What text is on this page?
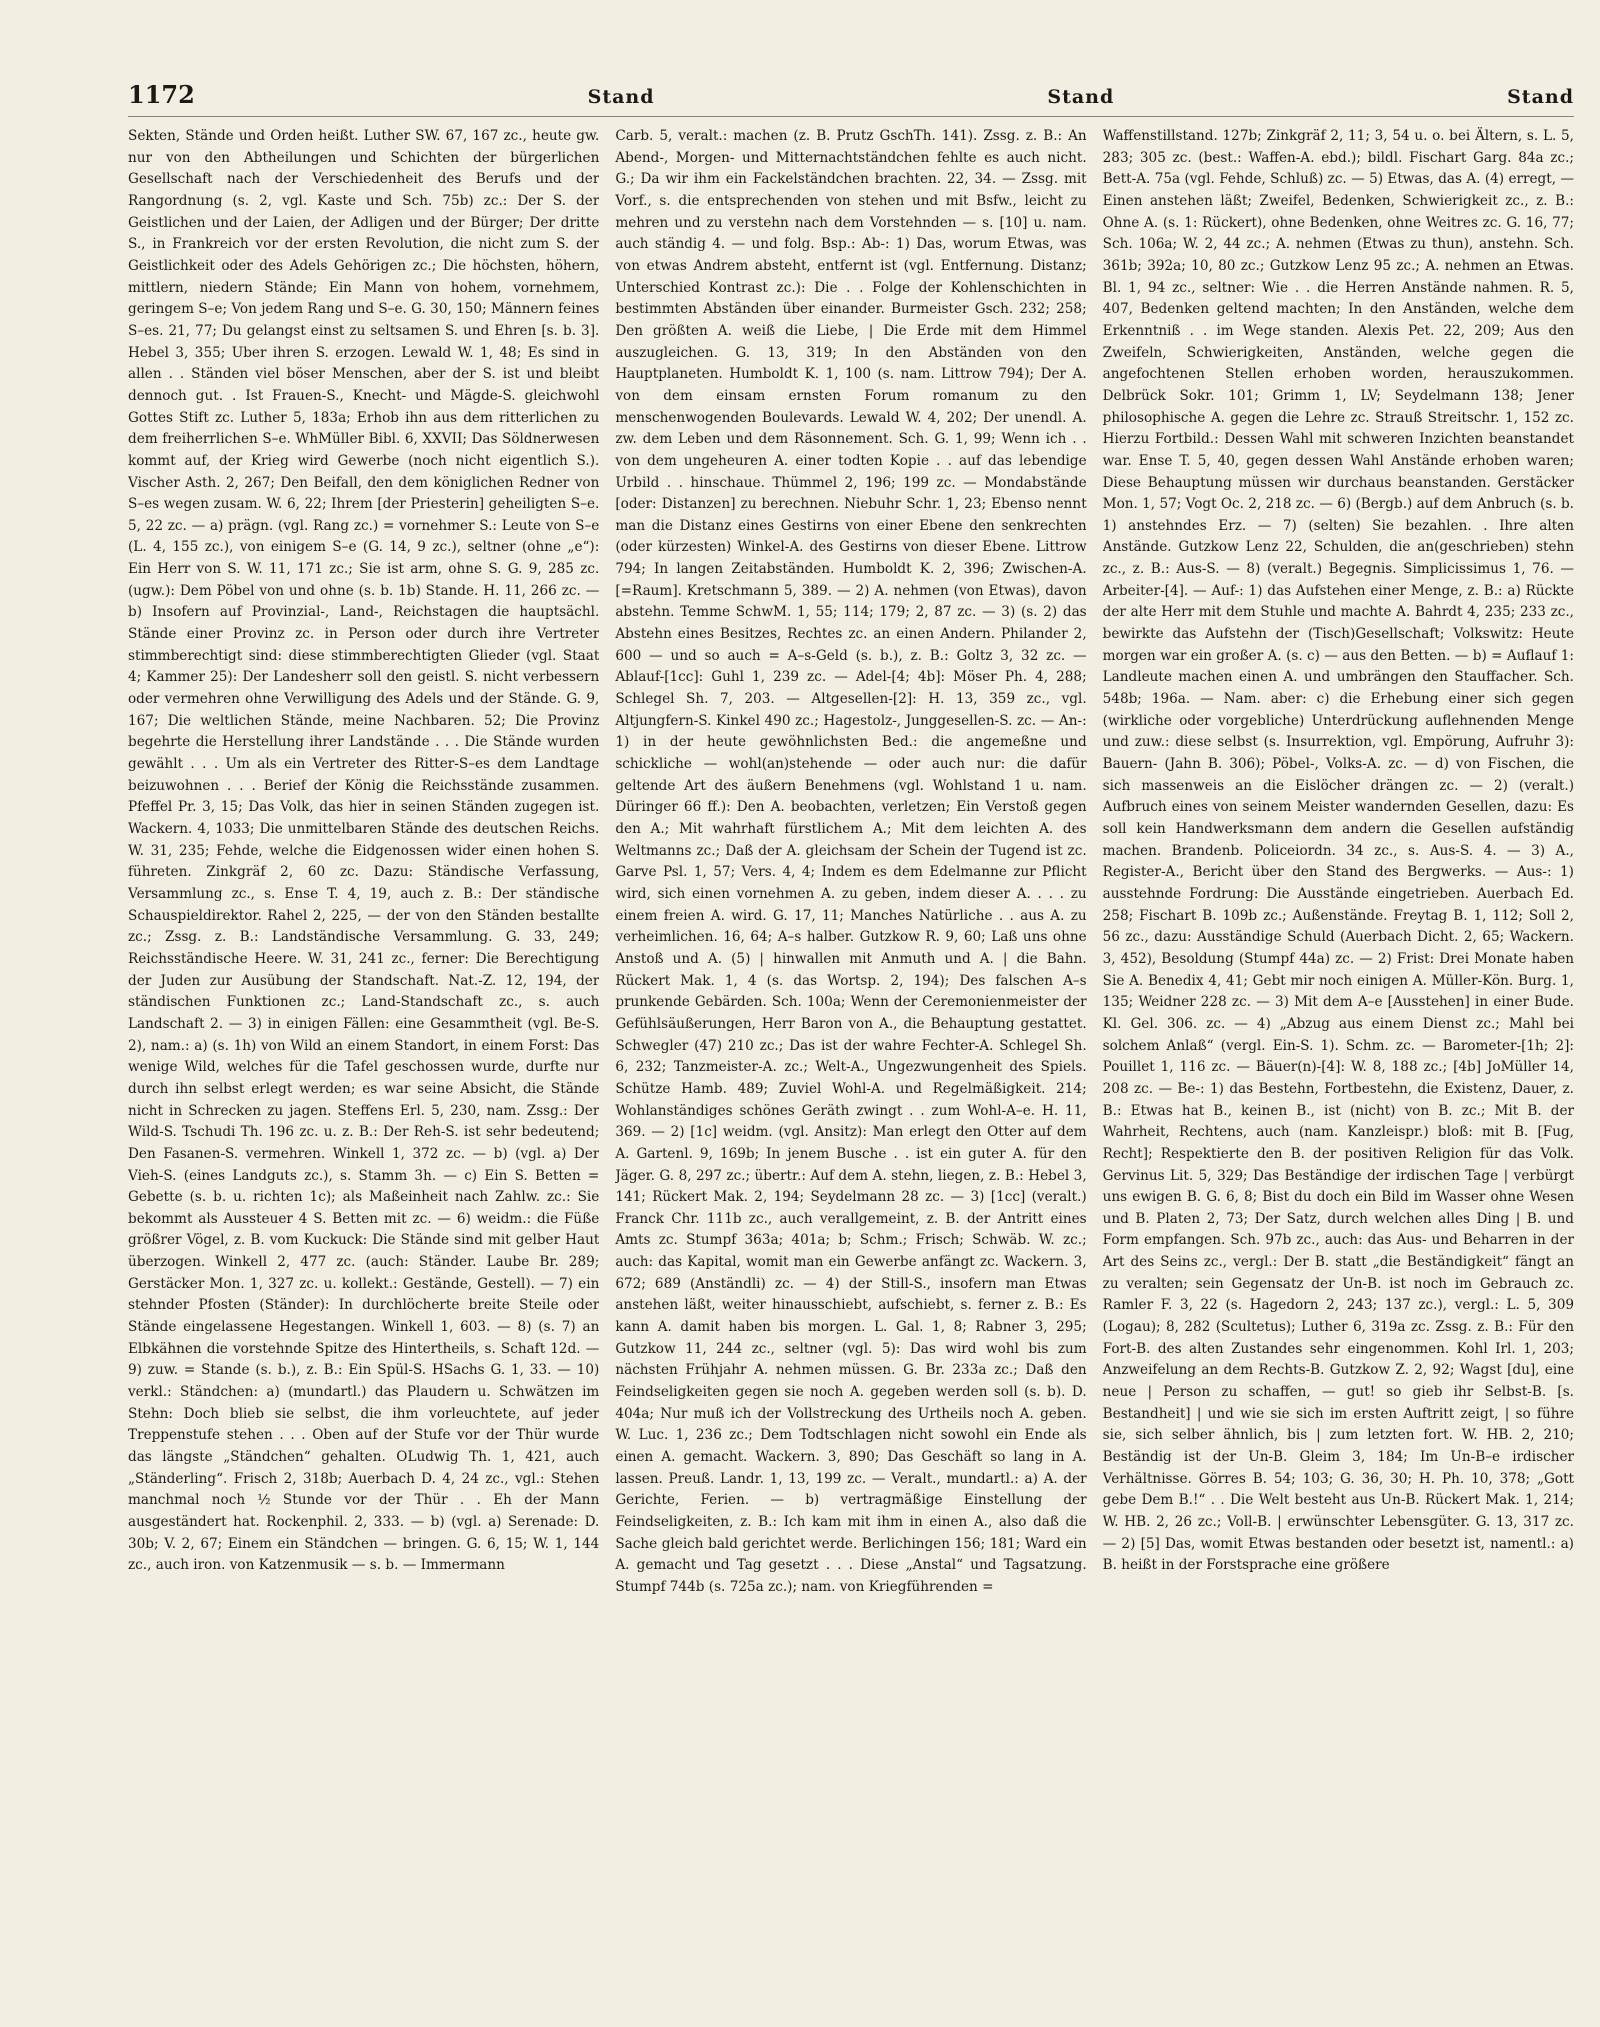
1172	Stand	Stand	Stand
Sekten, Stände und Orden heißt. Luther SW. 67, 167 zc., heute gw. nur von den Abtheilungen und Schichten der bürgerlichen Gesellschaft nach der Verschiedenheit des Berufs und der Rangordnung (s. 2, vgl. Kaste und Sch. 75b) zc.: Der S. der Geistlichen und der Laien, der Adligen und der Bürger; Der dritte S., in Frankreich vor der ersten Revolution, die nicht zum S. der Geistlichkeit oder des Adels Gehörigen zc.; Die höchsten, höhern, mittlern, niedern Stände; Ein Mann von hohem, vornehmem, geringem S–e; Von jedem Rang und S–e. G. 30, 150; Männern feines S–es. 21, 77; Du gelangst einst zu seltsamen S. und Ehren [s. b. 3]. Hebel 3, 355; Uber ihren S. erzogen. Lewald W. 1, 48; Es sind in allen . . Ständen viel böser Menschen, aber der S. ist und bleibt dennoch gut. . Ist Frauen-S., Knecht- und Mägde-S. gleichwohl Gottes Stift zc. Luther 5, 183a; Erhob ihn aus dem ritterlichen zu dem freiherrlichen S–e. WhMüller Bibl. 6, XXVII; Das Söldnerwesen kommt auf, der Krieg wird Gewerbe (noch nicht eigentlich S.). Vischer Asth. 2, 267; Den Beifall, den dem königlichen Redner von S–es wegen zusam. W. 6, 22; Ihrem [der Priesterin] geheiligten S–e. 5, 22 zc. — a) prägn. (vgl. Rang zc.) = vornehmer S.: Leute von S–e (L. 4, 155 zc.), von einigem S–e (G. 14, 9 zc.), seltner (ohne „e“): Ein Herr von S. W. 11, 171 zc.; Sie ist arm, ohne S. G. 9, 285 zc. (ugw.): Dem Pöbel von und ohne (s. b. 1b) Stande. H. 11, 266 zc. — b) Insofern auf Provinzial-, Land-, Reichstagen die hauptsächl. Stände einer Provinz zc. in Person oder durch ihre Vertreter stimmberechtigt sind: diese stimmberechtigten Glieder (vgl. Staat 4; Kammer 25): Der Landesherr soll den geistl. S. nicht verbessern oder vermehren ohne Verwilligung des Adels und der Stände. G. 9, 167; Die weltlichen Stände, meine Nachbaren. 52; Die Provinz begehrte die Herstellung ihrer Landstände . . . Die Stände wurden gewählt . . . Um als ein Vertreter des Ritter-S–es dem Landtage beizuwohnen . . . Berief der König die Reichsstände zusammen. Pfeffel Pr. 3, 15; Das Volk, das hier in seinen Ständen zugegen ist. Wackern. 4, 1033; Die unmittelbaren Stände des deutschen Reichs. W. 31, 235; Fehde, welche die Eidgenossen wider einen hohen S. führeten. Zinkgräf 2, 60 zc. Dazu: Ständische Verfassung, Versammlung zc., s. Ense T. 4, 19, auch z. B.: Der ständische Schauspieldirektor. Rahel 2, 225, — der von den Ständen bestallte zc.; Zssg. z. B.: Landständische Versammlung. G. 33, 249; Reichsständische Heere. W. 31, 241 zc., ferner: Die Berechtigung der Juden zur Ausübung der Standschaft. Nat.-Z. 12, 194, der ständischen Funktionen zc.; Land-Standschaft zc., s. auch Landschaft 2. — 3) in einigen Fällen: eine Gesammtheit (vgl. Be-S. 2), nam.: a) (s. 1h) von Wild an einem Standort, in einem Forst: Das wenige Wild, welches für die Tafel geschossen wurde, durfte nur durch ihn selbst erlegt werden; es war seine Absicht, die Stände nicht in Schrecken zu jagen. Steffens Erl. 5, 230, nam. Zssg.: Der Wild-S. Tschudi Th. 196 zc. u. z. B.: Der Reh-S. ist sehr bedeutend; Den Fasanen-S. vermehren. Winkell 1, 372 zc. — b) (vgl. a) Der Vieh-S. (eines Landguts zc.), s. Stamm 3h. — c) Ein S. Betten = Gebette (s. b. u. richten 1c); als Maßeinheit nach Zahlw. zc.: Sie bekommt als Aussteuer 4 S. Betten mit zc. — 6) weidm.: die Füße größrer Vögel, z. B. vom Kuckuck: Die Stände sind mit gelber Haut überzogen. Winkell 2, 477 zc. (auch: Ständer. Laube Br. 289; Gerstäcker Mon. 1, 327 zc. u. kollekt.: Gestände, Gestell). — 7) ein stehnder Pfosten (Ständer): In durchlöcherte breite Steile oder Stände eingelassene Hegestangen. Winkell 1, 603. — 8) (s. 7) an Elbkähnen die vorstehnde Spitze des Hintertheils, s. Schaft 12d. — 9) zuw. = Stande (s. b.), z. B.: Ein Spül-S. HSachs G. 1, 33. — 10) verkl.: Ständchen: a) (mundartl.) das Plaudern u. Schwätzen im Stehn: Doch blieb sie selbst, die ihm vorleuchtete, auf jeder Treppenstufe stehen . . . Oben auf der Stufe vor der Thür wurde das längste „Ständchen“ gehalten. OLudwig Th. 1, 421, auch „Ständerling“. Frisch 2, 318b; Auerbach D. 4, 24 zc., vgl.: Stehen manchmal noch ½ Stunde vor der Thür . . Eh der Mann ausgeständert hat. Rockenphil. 2, 333. — b) (vgl. a) Serenade: D. 30b; V. 2, 67; Einem ein Ständchen — bringen. G. 6, 15; W. 1, 144 zc., auch iron. von Katzenmusik — s. b. — Immermann
Carb. 5, veralt.: machen (z. B. Prutz GschTh. 141). Zssg. z. B.: An Abend-, Morgen- und Mitternachtständchen fehlte es auch nicht. G.; Da wir ihm ein Fackelständchen brachten. 22, 34. — Zssg. mit Vorf., s. die entsprechenden von stehen und mit Bsfw., leicht zu mehren und zu verstehn nach dem Vorstehnden — s. [10] u. nam. auch ständig 4. — und folg. Bsp.: Ab-: 1) Das, worum Etwas, was von etwas Andrem absteht, entfernt ist (vgl. Entfernung. Distanz; Unterschied Kontrast zc.): Die . . Folge der Kohlenschichten in bestimmten Abständen über einander. Burmeister Gsch. 232; 258; Den größten A. weiß die Liebe, | Die Erde mit dem Himmel auszugleichen. G. 13, 319; In den Abständen von den Hauptplaneten. Humboldt K. 1, 100 (s. nam. Littrow 794); Der A. von dem einsam ernsten Forum romanum zu den menschenwogenden Boulevards. Lewald W. 4, 202; Der unendl. A. zw. dem Leben und dem Räsonnement. Sch. G. 1, 99; Wenn ich . . von dem ungeheuren A. einer todten Kopie . . auf das lebendige Urbild . . hinschaue. Thümmel 2, 196; 199 zc. — Mondabstände [oder: Distanzen] zu berechnen. Niebuhr Schr. 1, 23; Ebenso nennt man die Distanz eines Gestirns von einer Ebene den senkrechten (oder kürzesten) Winkel-A. des Gestirns von dieser Ebene. Littrow 794; In langen Zeitabständen. Humboldt K. 2, 396; Zwischen-A. [=Raum]. Kretschmann 5, 389. — 2) A. nehmen (von Etwas), davon abstehn. Temme SchwM. 1, 55; 114; 179; 2, 87 zc. — 3) (s. 2) das Abstehn eines Besitzes, Rechtes zc. an einen Andern. Philander 2, 600 — und so auch = A–s-Geld (s. b.), z. B.: Goltz 3, 32 zc. — Ablauf-[1cc]: Guhl 1, 239 zc. — Adel-[4; 4b]: Möser Ph. 4, 288; Schlegel Sh. 7, 203. — Altgesellen-[2]: H. 13, 359 zc., vgl. Altjungfern-S. Kinkel 490 zc.; Hagestolz-, Junggesellen-S. zc. — An-: 1) in der heute gewöhnlichsten Bed.: die angemeßne und schickliche — wohl(an)stehende — oder auch nur: die dafür geltende Art des äußern Benehmens (vgl. Wohlstand 1 u. nam. Düringer 66 ff.): Den A. beobachten, verletzen; Ein Verstoß gegen den A.; Mit wahrhaft fürstlichem A.; Mit dem leichten A. des Weltmanns zc.; Daß der A. gleichsam der Schein der Tugend ist zc. Garve Psl. 1, 57; Vers. 4, 4; Indem es dem Edelmanne zur Pflicht wird, sich einen vornehmen A. zu geben, indem dieser A. . . . zu einem freien A. wird. G. 17, 11; Manches Natürliche . . aus A. zu verheimlichen. 16, 64; A–s halber. Gutzkow R. 9, 60; Laß uns ohne Anstoß und A. (5) | hinwallen mit Anmuth und A. | die Bahn. Rückert Mak. 1, 4 (s. das Wortsp. 2, 194); Des falschen A–s prunkende Gebärden. Sch. 100a; Wenn der Ceremonienmeister der Gefühlsäußerungen, Herr Baron von A., die Behauptung gestattet. Schwegler (47) 210 zc.; Das ist der wahre Fechter-A. Schlegel Sh. 6, 232; Tanzmeister-A. zc.; Welt-A., Ungezwungenheit des Spiels. Schütze Hamb. 489; Zuviel Wohl-A. und Regelmäßigkeit. 214; Wohlanständiges schönes Geräth zwingt . . zum Wohl-A–e. H. 11, 369. — 2) [1c] weidm. (vgl. Ansitz): Man erlegt den Otter auf dem A. Gartenl. 9, 169b; In jenem Busche . . ist ein guter A. für den Jäger. G. 8, 297 zc.; übertr.: Auf dem A. stehn, liegen, z. B.: Hebel 3, 141; Rückert Mak. 2, 194; Seydelmann 28 zc. — 3) [1cc] (veralt.) Franck Chr. 111b zc., auch verallgemeint, z. B. der Antritt eines Amts zc. Stumpf 363a; 401a; b; Schm.; Frisch; Schwäb. W. zc.; auch: das Kapital, womit man ein Gewerbe anfängt zc. Wackern. 3, 672; 689 (Anständli) zc. — 4) der Still-S., insofern man Etwas anstehen läßt, weiter hinausschiebt, aufschiebt, s. ferner z. B.: Es kann A. damit haben bis morgen. L. Gal. 1, 8; Rabner 3, 295; Gutzkow 11, 244 zc., seltner (vgl. 5): Das wird wohl bis zum nächsten Frühjahr A. nehmen müssen. G. Br. 233a zc.; Daß den Feindseligkeiten gegen sie noch A. gegeben werden soll (s. b). D. 404a; Nur muß ich der Vollstreckung des Urtheils noch A. geben. W. Luc. 1, 236 zc.; Dem Todtschlagen nicht sowohl ein Ende als einen A. gemacht. Wackern. 3, 890; Das Geschäft so lang in A. lassen. Preuß. Landr. 1, 13, 199 zc. — Veralt., mundartl.: a) A. der Gerichte, Ferien. — b) vertragmäßige Einstellung der Feindseligkeiten, z. B.: Ich kam mit ihm in einen A., also daß die Sache gleich bald gerichtet werde. Berlichingen 156; 181; Ward ein A. gemacht und Tag gesetzt . . . Diese „Anstal“ und Tagsatzung. Stumpf 744b (s. 725a zc.); nam. von Kriegführenden =
Waffenstillstand. 127b; Zinkgräf 2, 11; 3, 54 u. o. bei Ältern, s. L. 5, 283; 305 zc. (best.: Waffen-A. ebd.); bildl. Fischart Garg. 84a zc.; Bett-A. 75a (vgl. Fehde, Schluß) zc. — 5) Etwas, das A. (4) erregt, — Einen anstehen läßt; Zweifel, Bedenken, Schwierigkeit zc., z. B.: Ohne A. (s. 1: Rückert), ohne Bedenken, ohne Weitres zc. G. 16, 77; Sch. 106a; W. 2, 44 zc.; A. nehmen (Etwas zu thun), anstehn. Sch. 361b; 392a; 10, 80 zc.; Gutzkow Lenz 95 zc.; A. nehmen an Etwas. Bl. 1, 94 zc., seltner: Wie . . die Herren Anstände nahmen. R. 5, 407, Bedenken geltend machten; In den Anständen, welche dem Erkenntniß . . im Wege standen. Alexis Pet. 22, 209; Aus den Zweifeln, Schwierigkeiten, Anständen, welche gegen die angefochtenen Stellen erhoben worden, herauszukommen. Delbrück Sokr. 101; Grimm 1, LV; Seydelmann 138; Jener philosophische A. gegen die Lehre zc. Strauß Streitschr. 1, 152 zc. Hierzu Fortbild.: Dessen Wahl mit schweren Inzichten beanstandet war. Ense T. 5, 40, gegen dessen Wahl Anstände erhoben waren; Diese Behauptung müssen wir durchaus beanstanden. Gerstäcker Mon. 1, 57; Vogt Oc. 2, 218 zc. — 6) (Bergb.) auf dem Anbruch (s. b. 1) anstehndes Erz. — 7) (selten) Sie bezahlen. . Ihre alten Anstände. Gutzkow Lenz 22, Schulden, die an(geschrieben) stehn zc., z. B.: Aus-S. — 8) (veralt.) Begegnis. Simplicissimus 1, 76. — Arbeiter-[4]. — Auf-: 1) das Aufstehen einer Menge, z. B.: a) Rückte der alte Herr mit dem Stuhle und machte A. Bahrdt 4, 235; 233 zc., bewirkte das Aufstehn der (Tisch)Gesellschaft; Volkswitz: Heute morgen war ein großer A. (s. c) — aus den Betten. — b) = Auflauf 1: Landleute machen einen A. und umbrängen den Stauffacher. Sch. 548b; 196a. — Nam. aber: c) die Erhebung einer sich gegen (wirkliche oder vorgebliche) Unterdrückung auflehnenden Menge und zuw.: diese selbst (s. Insurrektion, vgl. Empörung, Aufruhr 3): Bauern- (Jahn B. 306); Pöbel-, Volks-A. zc. — d) von Fischen, die sich massenweis an die Eislöcher drängen zc. — 2) (veralt.) Aufbruch eines von seinem Meister wandernden Gesellen, dazu: Es soll kein Handwerksmann dem andern die Gesellen aufständig machen. Brandenb. Policeiordn. 34 zc., s. Aus-S. 4. — 3) A., Register-A., Bericht über den Stand des Bergwerks. — Aus-: 1) ausstehnde Fordrung: Die Ausstände eingetrieben. Auerbach Ed. 258; Fischart B. 109b zc.; Außenstände. Freytag B. 1, 112; Soll 2, 56 zc., dazu: Ausständige Schuld (Auerbach Dicht. 2, 65; Wackern. 3, 452), Besoldung (Stumpf 44a) zc. — 2) Frist: Drei Monate haben Sie A. Benedix 4, 41; Gebt mir noch einigen A. Müller-Kön. Burg. 1, 135; Weidner 228 zc. — 3) Mit dem A–e [Ausstehen] in einer Bude. Kl. Gel. 306. zc. — 4) „Abzug aus einem Dienst zc.; Mahl bei solchem Anlaß“ (vergl. Ein-S. 1). Schm. zc. — Barometer-[1h; 2]: Pouillet 1, 116 zc. — Bäuer(n)-[4]: W. 8, 188 zc.; [4b] JoMüller 14, 208 zc. — Be-: 1) das Bestehn, Fortbestehn, die Existenz, Dauer, z. B.: Etwas hat B., keinen B., ist (nicht) von B. zc.; Mit B. der Wahrheit, Rechtens, auch (nam. Kanzleispr.) bloß: mit B. [Fug, Recht]; Respektierte den B. der positiven Religion für das Volk. Gervinus Lit. 5, 329; Das Beständige der irdischen Tage | verbürgt uns ewigen B. G. 6, 8; Bist du doch ein Bild im Wasser ohne Wesen und B. Platen 2, 73; Der Satz, durch welchen alles Ding | B. und Form empfangen. Sch. 97b zc., auch: das Aus- und Beharren in der Art des Seins zc., vergl.: Der B. statt „die Beständigkeit“ fängt an zu veralten; sein Gegensatz der Un-B. ist noch im Gebrauch zc. Ramler F. 3, 22 (s. Hagedorn 2, 243; 137 zc.), vergl.: L. 5, 309 (Logau); 8, 282 (Scultetus); Luther 6, 319a zc. Zssg. z. B.: Für den Fort-B. des alten Zustandes sehr eingenommen. Kohl Irl. 1, 203; Anzweifelung an dem Rechts-B. Gutzkow Z. 2, 92; Wagst [du], eine neue | Person zu schaffen, — gut! so gieb ihr Selbst-B. [s. Bestandheit] | und wie sie sich im ersten Auftritt zeigt, | so führe sie, sich selber ähnlich, bis | zum letzten fort. W. HB. 2, 210; Beständig ist der Un-B. Gleim 3, 184; Im Un-B–e irdischer Verhältnisse. Görres B. 54; 103; G. 36, 30; H. Ph. 10, 378; „Gott gebe Dem B.!“ . . Die Welt besteht aus Un-B. Rückert Mak. 1, 214; W. HB. 2, 26 zc.; Voll-B. | erwünschter Lebensgüter. G. 13, 317 zc. — 2) [5] Das, womit Etwas bestanden oder besetzt ist, namentl.: a) B. heißt in der Forstsprache eine größere
